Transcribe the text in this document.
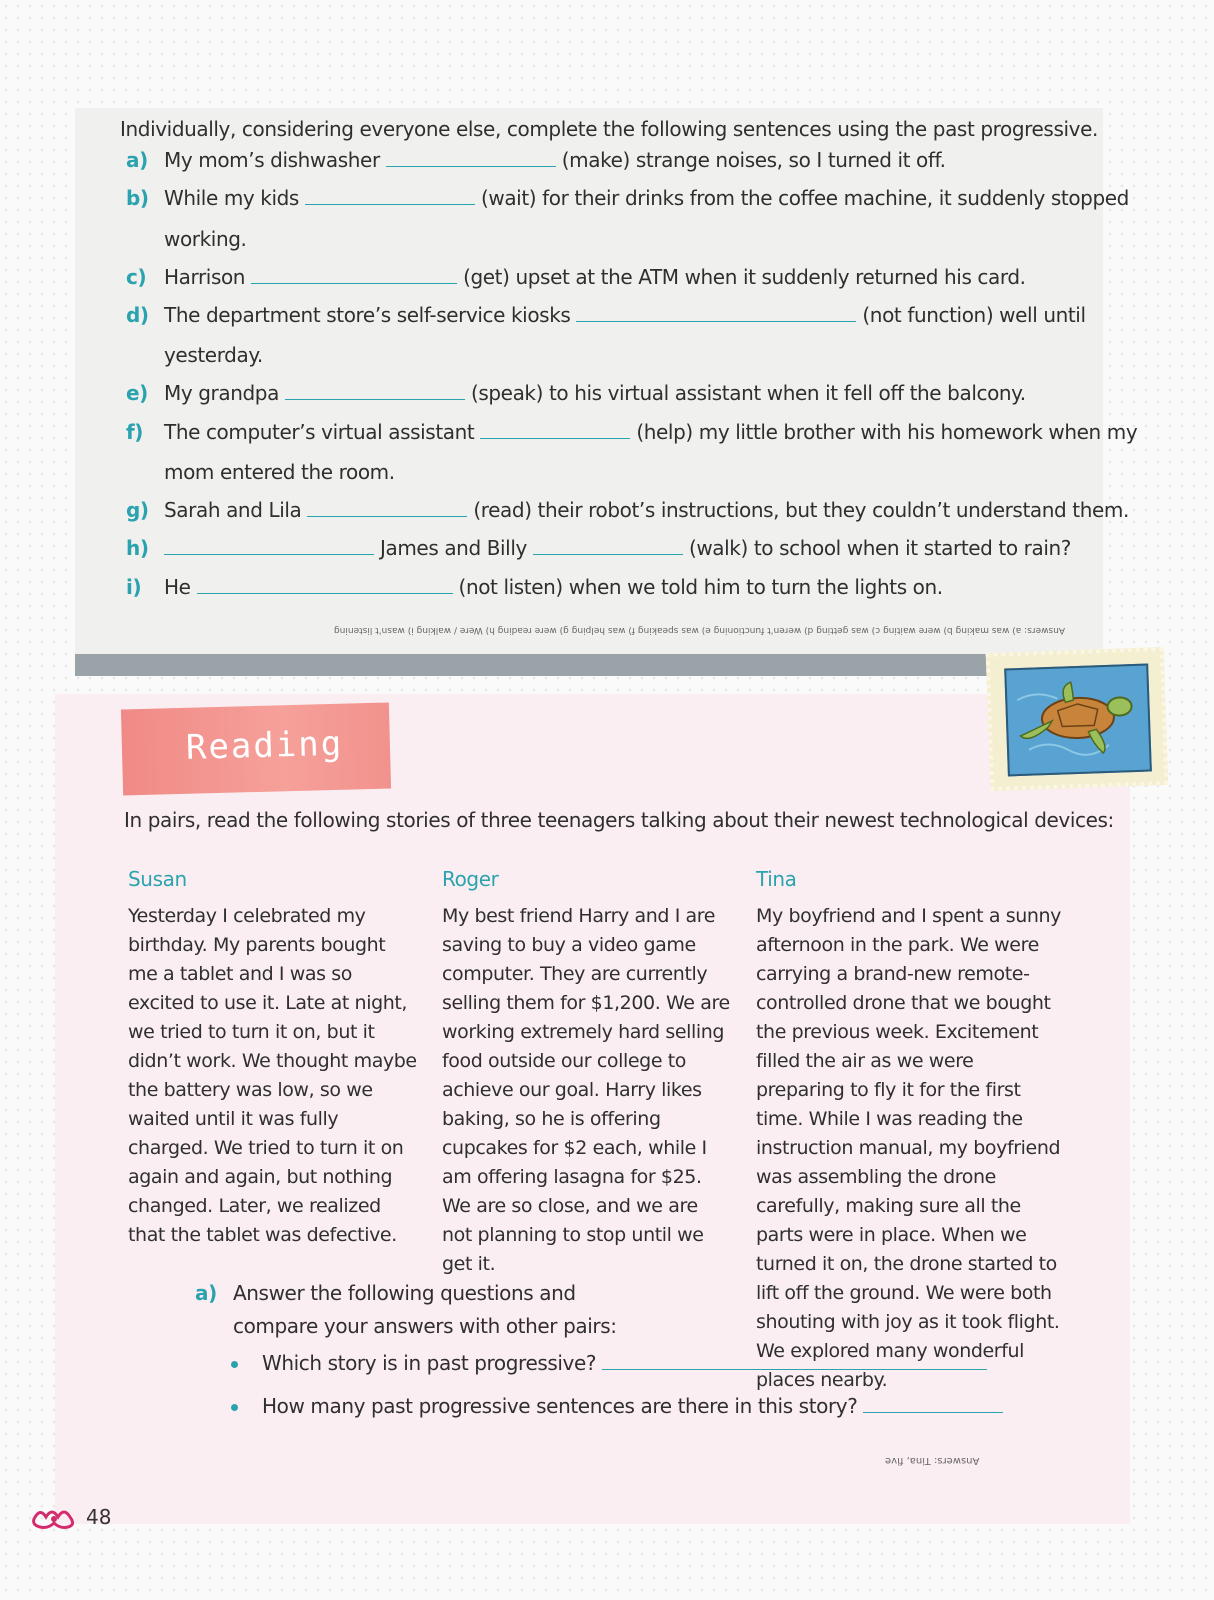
Individually, considering everyone else, complete the following sentences using the past progressive.
a) My mom’s dishwasher	(make) strange noises, so I turned it off.
b) While my kids	(wait) for their drinks from the coffee machine, it suddenly stopped
working.
c) Harrison	(get) upset at the ATM when it suddenly returned his card.
d) The department store’s self-service kiosks	(not function) well until
yesterday.
e) My grandpa	(speak) to his virtual assistant when it fell off the balcony.
f) The computer’s virtual assistant	(help) my little brother with his homework when my
mom entered the room.
g) Sarah and Lila	(read) their robot’s instructions, but they couldn’t understand them.
h)	James and Billy	(walk) to school when it started to rain?
i) He	(not listen) when we told him to turn the lights on.
Answers: a) was making b) were waiting c) was getting d) weren’t functioning e) was speaking f) was helping g) were reading h) Were / walking i) wasn’t listening
Reading
In pairs, read the following stories of three teenagers talking about their newest technological devices:
Susan

Yesterday I celebrated my birthday. My parents bought me a tablet and I was so excited to use it. Late at night, we tried to turn it on, but it didn’t work. We thought maybe the battery was low, so we waited until it was fully charged. We tried to turn it on again and again, but nothing changed. Later, we realized that the tablet was defective.

Roger

My best friend Harry and I are saving to buy a video game computer. They are currently selling them for $1,200. We are working extremely hard selling food outside our college to achieve our goal. Harry likes baking, so he is offering cupcakes for $2 each, while I am offering lasagna for $25. We are so close, and we are not planning to stop until we get it.

Tina

My boyfriend and I spent a sunny afternoon in the park. We were carrying a brand-new remote-controlled drone that we bought the previous week. Excitement filled the air as we were preparing to fly it for the first time. While I was reading the instruction manual, my boyfriend was assembling the drone carefully, making sure all the parts were in place. When we turned it on, the drone started to lift off the ground. We were both shouting with joy as it took flight. We explored many wonderful places nearby.

a) Answer the following questions and compare your answers with other pairs:
Which story is in past progressive?
How many past progressive sentences are there in this story?
Answers: Tina, five
48
